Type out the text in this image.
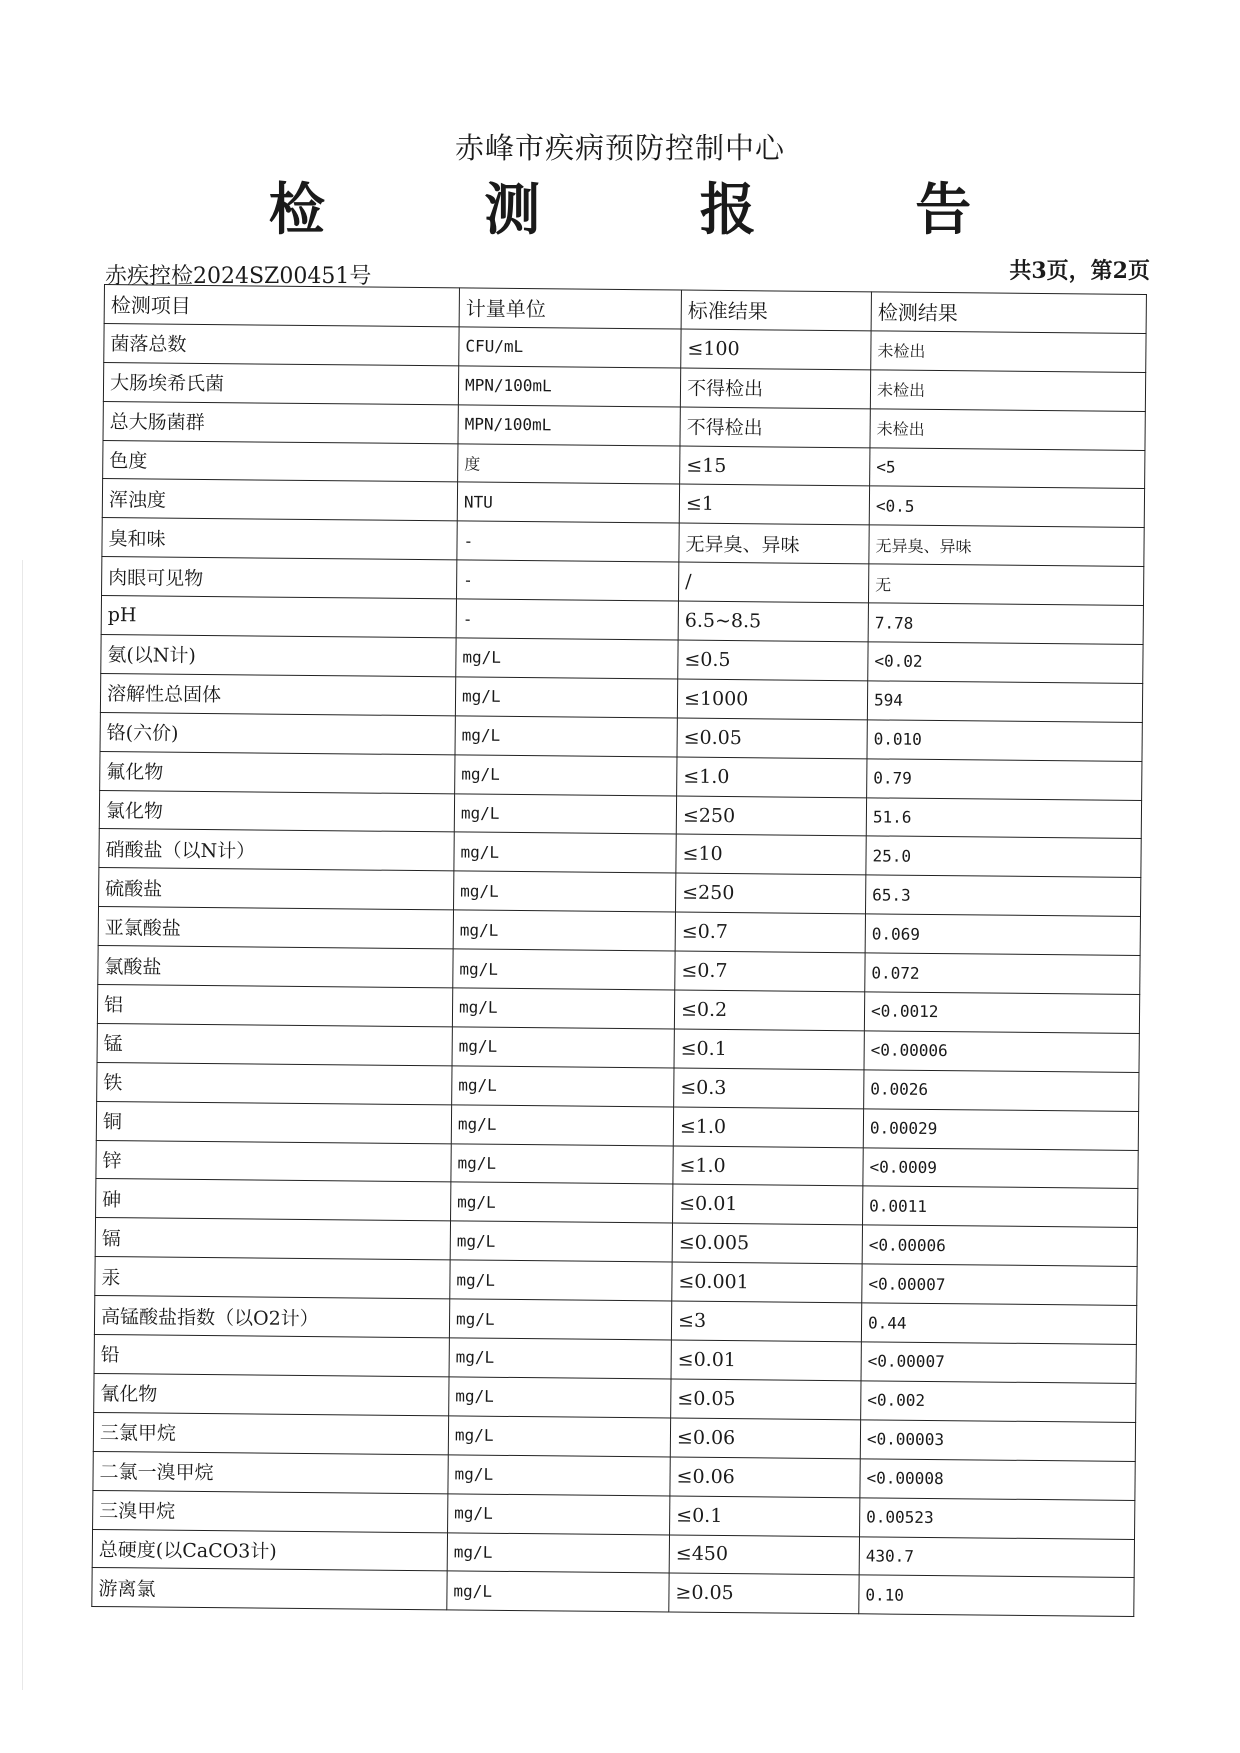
赤峰市疾病预防控制中心
检 测 报 告
赤疾控检2024SZ00451号	共3页，第2页
检测项目	计量单位	标准结果	检测结果
菌落总数	CFU/mL	≤100	未检出
大肠埃希氏菌	MPN/100mL	不得检出	未检出
总大肠菌群	MPN/100mL	不得检出	未检出
色度	度	≤15	<5
浑浊度	NTU	≤1	<0.5
臭和味	-	无异臭、异味	无异臭、异味
肉眼可见物	-	/	无
pH	-	6.5~8.5	7.78
氨(以N计)	mg/L	≤0.5	<0.02
溶解性总固体	mg/L	≤1000	594
铬(六价)	mg/L	≤0.05	0.010
氟化物	mg/L	≤1.0	0.79
氯化物	mg/L	≤250	51.6
硝酸盐（以N计）	mg/L	≤10	25.0
硫酸盐	mg/L	≤250	65.3
亚氯酸盐	mg/L	≤0.7	0.069
氯酸盐	mg/L	≤0.7	0.072
铝	mg/L	≤0.2	<0.0012
锰	mg/L	≤0.1	<0.00006
铁	mg/L	≤0.3	0.0026
铜	mg/L	≤1.0	0.00029
锌	mg/L	≤1.0	<0.0009
砷	mg/L	≤0.01	0.0011
镉	mg/L	≤0.005	<0.00006
汞	mg/L	≤0.001	<0.00007
高锰酸盐指数（以O2计）	mg/L	≤3	0.44
铅	mg/L	≤0.01	<0.00007
氰化物	mg/L	≤0.05	<0.002
三氯甲烷	mg/L	≤0.06	<0.00003
二氯一溴甲烷	mg/L	≤0.06	<0.00008
三溴甲烷	mg/L	≤0.1	0.00523
总硬度(以CaCO3计)	mg/L	≤450	430.7
游离氯	mg/L	≥0.05	0.10
